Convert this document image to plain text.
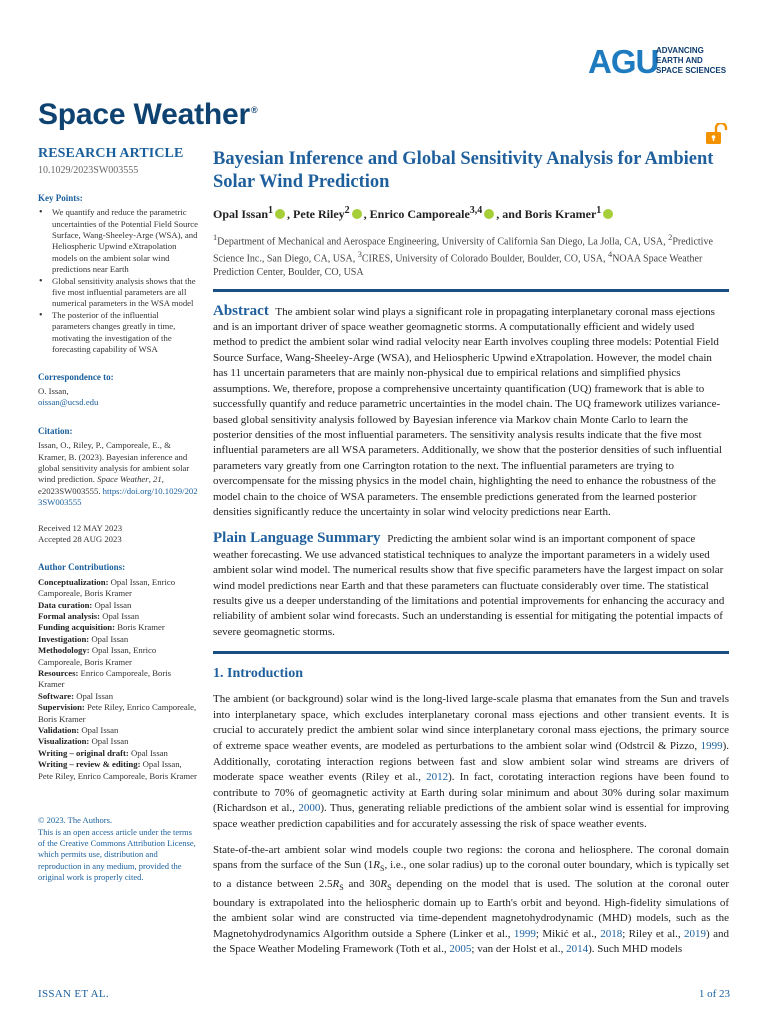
AGU
ADVANCING
EARTH AND
SPACE SCIENCES
Space Weather®
RESEARCH ARTICLE
10.1029/2023SW003555
Key Points:
• We quantify and reduce the parametric uncertainties of the Potential Field Source Surface, Wang-Sheeley-Arge (WSA), and Heliospheric Upwind eXtrapolation models on the ambient solar wind predictions near Earth
• Global sensitivity analysis shows that the five most influential parameters are all numerical parameters in the WSA model
• The posterior of the influential parameters changes greatly in time, motivating the investigation of the forecasting capability of WSA
Correspondence to:
O. Issan,
oissan@ucsd.edu
Citation:
Issan, O., Riley, P., Camporeale, E., & Kramer, B. (2023). Bayesian inference and global sensitivity analysis for ambient solar wind prediction. Space Weather, 21, e2023SW003555. https://doi.org/10.1029/2023SW003555
Received 12 MAY 2023
Accepted 28 AUG 2023
Author Contributions:
Conceptualization: Opal Issan, Enrico Camporeale, Boris Kramer
Data curation: Opal Issan
Formal analysis: Opal Issan
Funding acquisition: Boris Kramer
Investigation: Opal Issan
Methodology: Opal Issan, Enrico Camporeale, Boris Kramer
Resources: Enrico Camporeale, Boris Kramer
Software: Opal Issan
Supervision: Pete Riley, Enrico Camporeale, Boris Kramer
Validation: Opal Issan
Visualization: Opal Issan
Writing – original draft: Opal Issan
Writing – review & editing: Opal Issan, Pete Riley, Enrico Camporeale, Boris Kramer
© 2023. The Authors.
This is an open access article under the terms of the Creative Commons Attribution License, which permits use, distribution and reproduction in any medium, provided the original work is properly cited.
Bayesian Inference and Global Sensitivity Analysis for Ambient Solar Wind Prediction
Opal Issan$^1$ , Pete Riley$^2$ , Enrico Camporeale$^{3,4}$ , and Boris Kramer$^1$
$^1$Department of Mechanical and Aerospace Engineering, University of California San Diego, La Jolla, CA, USA, $^2$Predictive Science Inc., San Diego, CA, USA, $^3$CIRES, University of Colorado Boulder, Boulder, CO, USA, $^4$NOAA Space Weather Prediction Center, Boulder, CO, USA
Abstract The ambient solar wind plays a significant role in propagating interplanetary coronal mass ejections and is an important driver of space weather geomagnetic storms. A computationally efficient and widely used method to predict the ambient solar wind radial velocity near Earth involves coupling three models: Potential Field Source Surface, Wang-Sheeley-Arge (WSA), and Heliospheric Upwind eXtrapolation. However, the model chain has 11 uncertain parameters that are mainly non-physical due to empirical relations and simplified physics assumptions. We, therefore, propose a comprehensive uncertainty quantification (UQ) framework that is able to successfully quantify and reduce parametric uncertainties in the model chain. The UQ framework utilizes variance-based global sensitivity analysis followed by Bayesian inference via Markov chain Monte Carlo to learn the posterior densities of the most influential parameters. The sensitivity analysis results indicate that the five most influential parameters are all WSA parameters. Additionally, we show that the posterior densities of such influential parameters vary greatly from one Carrington rotation to the next. The influential parameters are trying to overcompensate for the missing physics in the model chain, highlighting the need to enhance the robustness of the model chain to the choice of WSA parameters. The ensemble predictions generated from the learned posterior densities significantly reduce the uncertainty in solar wind velocity predictions near Earth.
Plain Language Summary Predicting the ambient solar wind is an important component of space weather forecasting. We use advanced statistical techniques to analyze the important parameters in a widely used ambient solar wind model. The numerical results show that five specific parameters have the largest impact on solar wind model predictions near Earth and that these parameters can fluctuate considerably over time. The statistical results give us a deeper understanding of the limitations and potential improvements for enhancing the accuracy and reliability of ambient solar wind forecasts. Such an understanding is essential for mitigating the potential impacts of severe geomagnetic storms.
1. Introduction

The ambient (or background) solar wind is the long-lived large-scale plasma that emanates from the Sun and travels into interplanetary space, which excludes interplanetary coronal mass ejections and other transient events. It is crucial to accurately predict the ambient solar wind since interplanetary coronal mass ejections, the primary source of extreme space weather events, are modeled as perturbations to the ambient solar wind (Odstrcil & Pizzo, 1999). Additionally, corotating interaction regions between fast and slow ambient solar wind streams are drivers of moderate space weather events (Riley et al., 2012). In fact, corotating interaction regions have been found to contribute to 70% of geomagnetic activity at Earth during solar minimum and about 30% during solar maximum (Richardson et al., 2000). Thus, generating reliable predictions of the ambient solar wind is essential for improving space weather prediction capabilities and for accurately assessing the risk of space weather events.

State-of-the-art ambient solar wind models couple two regions: the corona and heliosphere. The coronal domain spans from the surface of the Sun ($1R_S$, i.e., one solar radius) up to the coronal outer boundary, which is typically set to a distance between $2.5R_S$ and $30R_S$ depending on the model that is used. The solution at the coronal outer boundary is extrapolated into the heliospheric domain up to Earth's orbit and beyond. High-fidelity simulations of the ambient solar wind are constructed via time-dependent magnetohydrodynamic (MHD) models, such as the Magnetohydrodynamics Algorithm outside a Sphere (Linker et al., 1999; Mikić et al., 2018; Riley et al., 2019) and the Space Weather Modeling Framework (Toth et al., 2005; van der Holst et al., 2014). Such MHD models

ISSAN ET AL.	1 of 23
